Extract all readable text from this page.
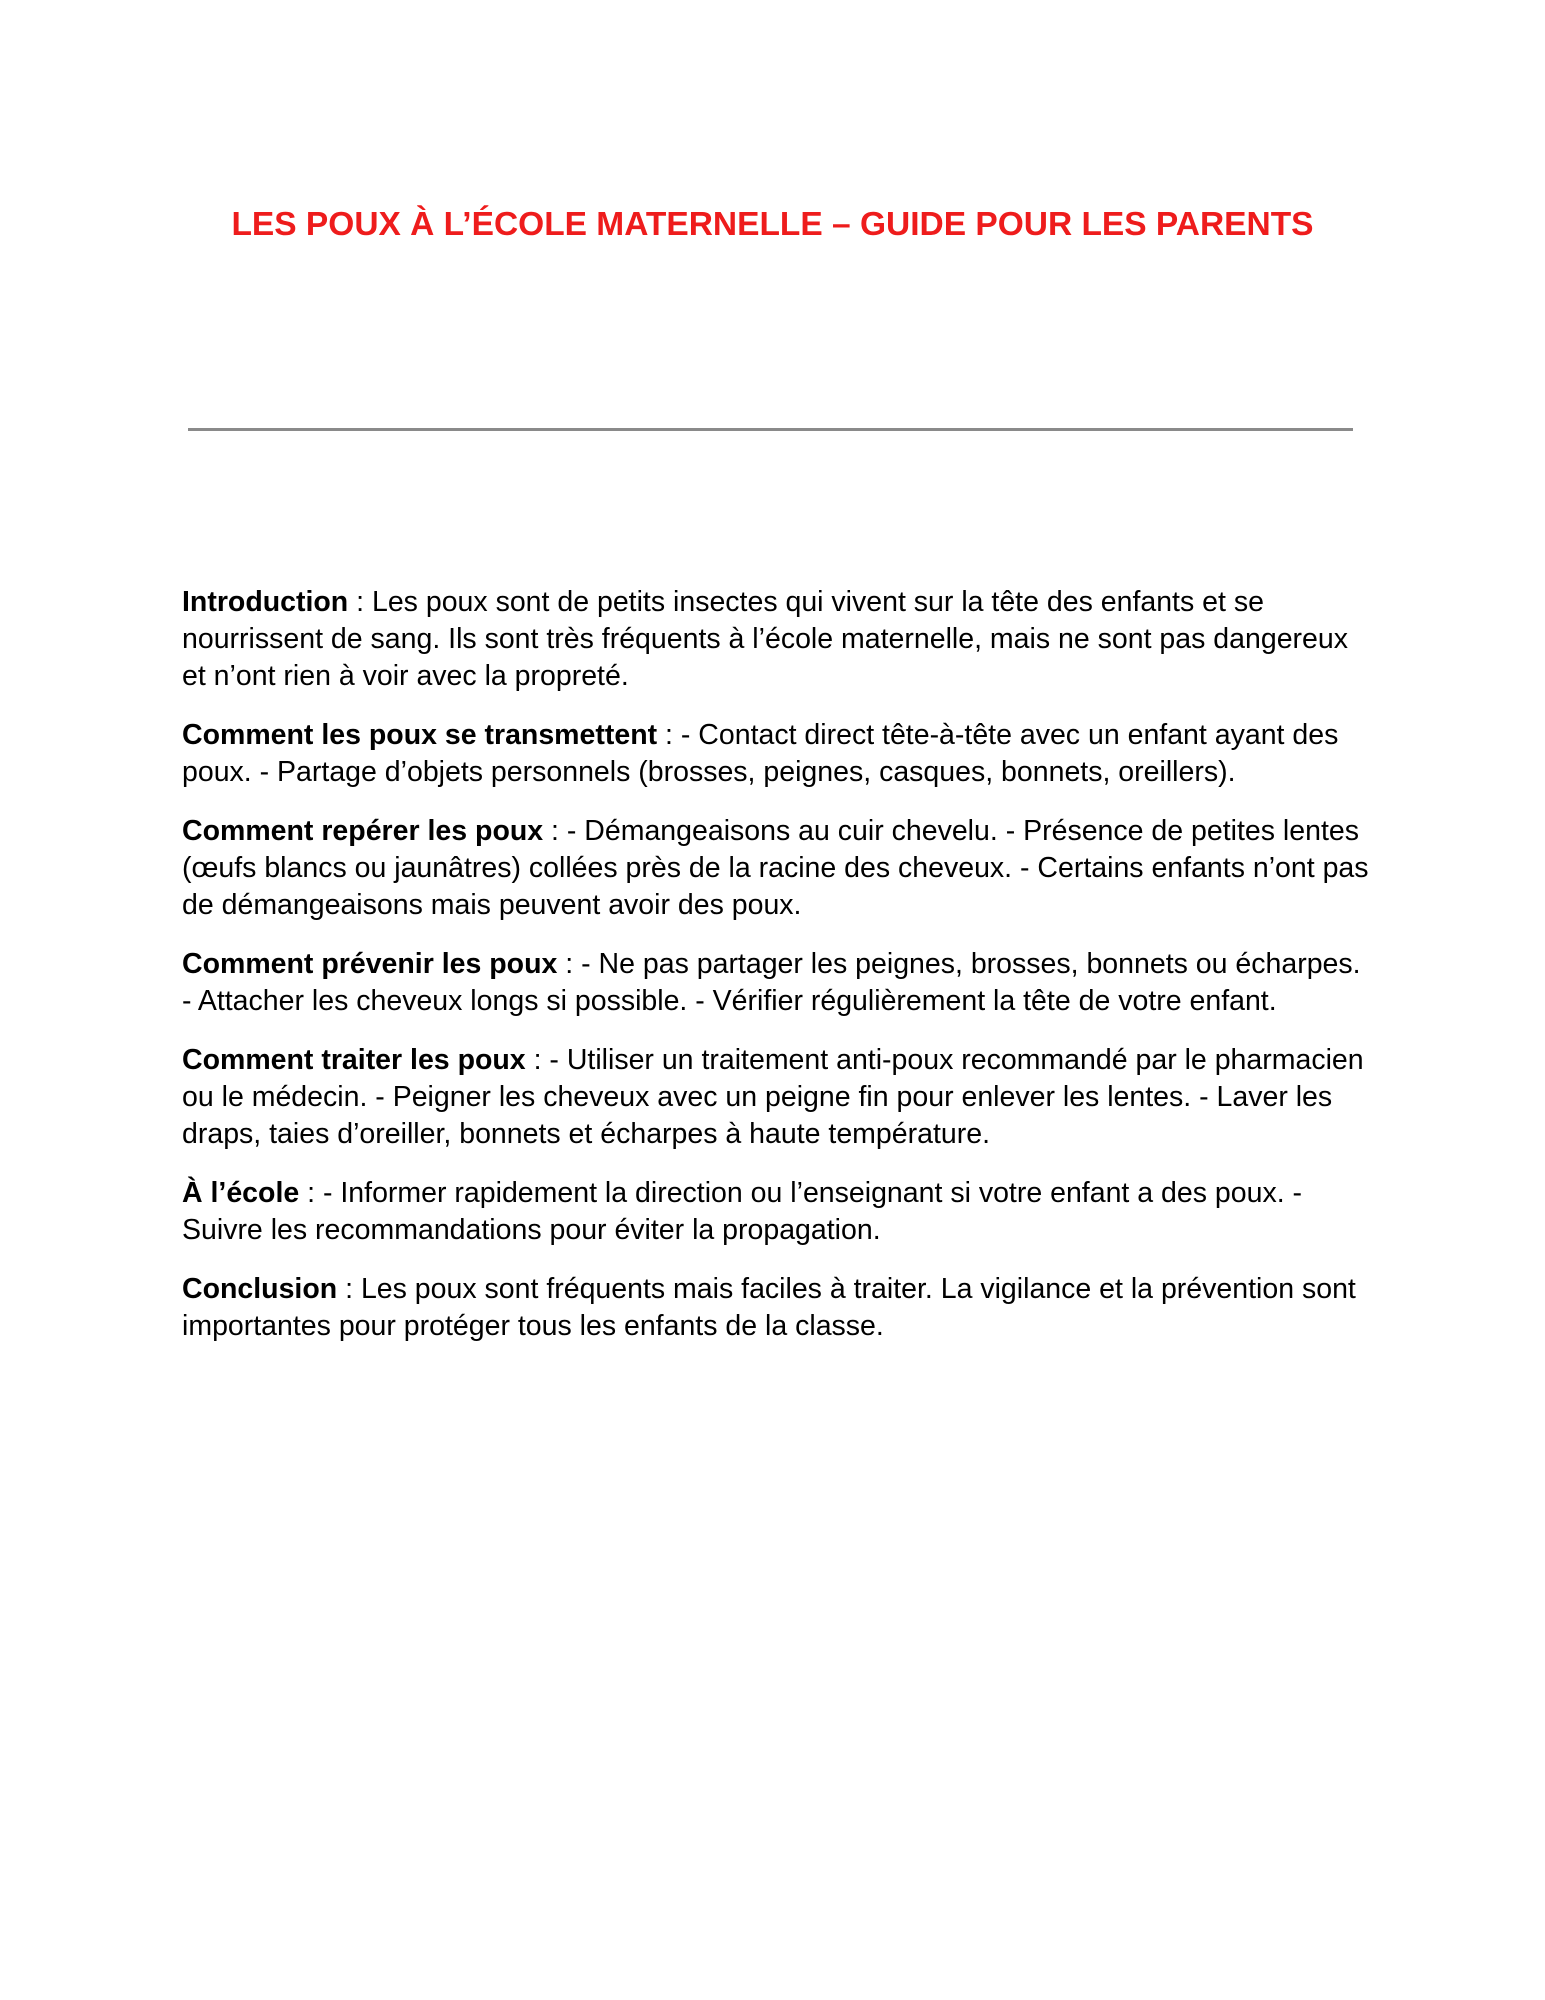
LES POUX À L’ÉCOLE MATERNELLE – GUIDE POUR LES PARENTS

Introduction : Les poux sont de petits insectes qui vivent sur la tête des enfants et se nourrissent de sang. Ils sont très fréquents à l’école maternelle, mais ne sont pas dangereux et n’ont rien à voir avec la propreté.

Comment les poux se transmettent : - Contact direct tête-à-tête avec un enfant ayant des poux. - Partage d’objets personnels (brosses, peignes, casques, bonnets, oreillers).

Comment repérer les poux : - Démangeaisons au cuir chevelu. - Présence de petites lentes (œufs blancs ou jaunâtres) collées près de la racine des cheveux. - Certains enfants n’ont pas de démangeaisons mais peuvent avoir des poux.

Comment prévenir les poux : - Ne pas partager les peignes, brosses, bonnets ou écharpes. - Attacher les cheveux longs si possible. - Vérifier régulièrement la tête de votre enfant.

Comment traiter les poux : - Utiliser un traitement anti-poux recommandé par le pharmacien ou le médecin. - Peigner les cheveux avec un peigne fin pour enlever les lentes. - Laver les draps, taies d’oreiller, bonnets et écharpes à haute température.

À l’école : - Informer rapidement la direction ou l’enseignant si votre enfant a des poux. - Suivre les recommandations pour éviter la propagation.

Conclusion : Les poux sont fréquents mais faciles à traiter. La vigilance et la prévention sont importantes pour protéger tous les enfants de la classe.
